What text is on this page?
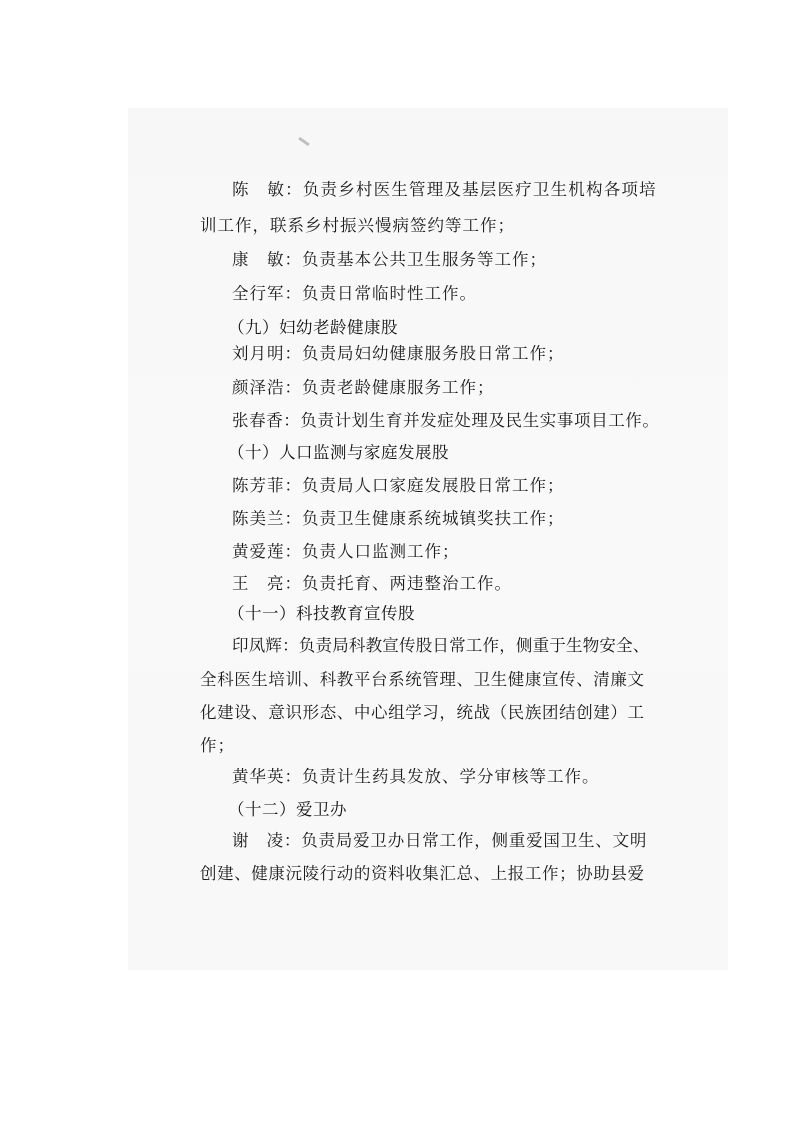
陈　敏：负责乡村医生管理及基层医疗卫生机构各项培
训工作，联系乡村振兴慢病签约等工作；
康　敏：负责基本公共卫生服务等工作；
全行军：负责日常临时性工作。
（九）妇幼老龄健康股
刘月明：负责局妇幼健康服务股日常工作；
颜泽浩：负责老龄健康服务工作；
张春香：负责计划生育并发症处理及民生实事项目工作。
（十）人口监测与家庭发展股
陈芳菲：负责局人口家庭发展股日常工作；
陈美兰：负责卫生健康系统城镇奖扶工作；
黄爱莲：负责人口监测工作；
王　亮：负责托育、两违整治工作。
（十一）科技教育宣传股
印凤辉：负责局科教宣传股日常工作，侧重于生物安全、
全科医生培训、科教平台系统管理、卫生健康宣传、清廉文
化建设、意识形态、中心组学习，统战（民族团结创建）工
作；
黄华英：负责计生药具发放、学分审核等工作。
（十二）爱卫办
谢　凌：负责局爱卫办日常工作，侧重爱国卫生、文明
创建、健康沅陵行动的资料收集汇总、上报工作；协助县爱
